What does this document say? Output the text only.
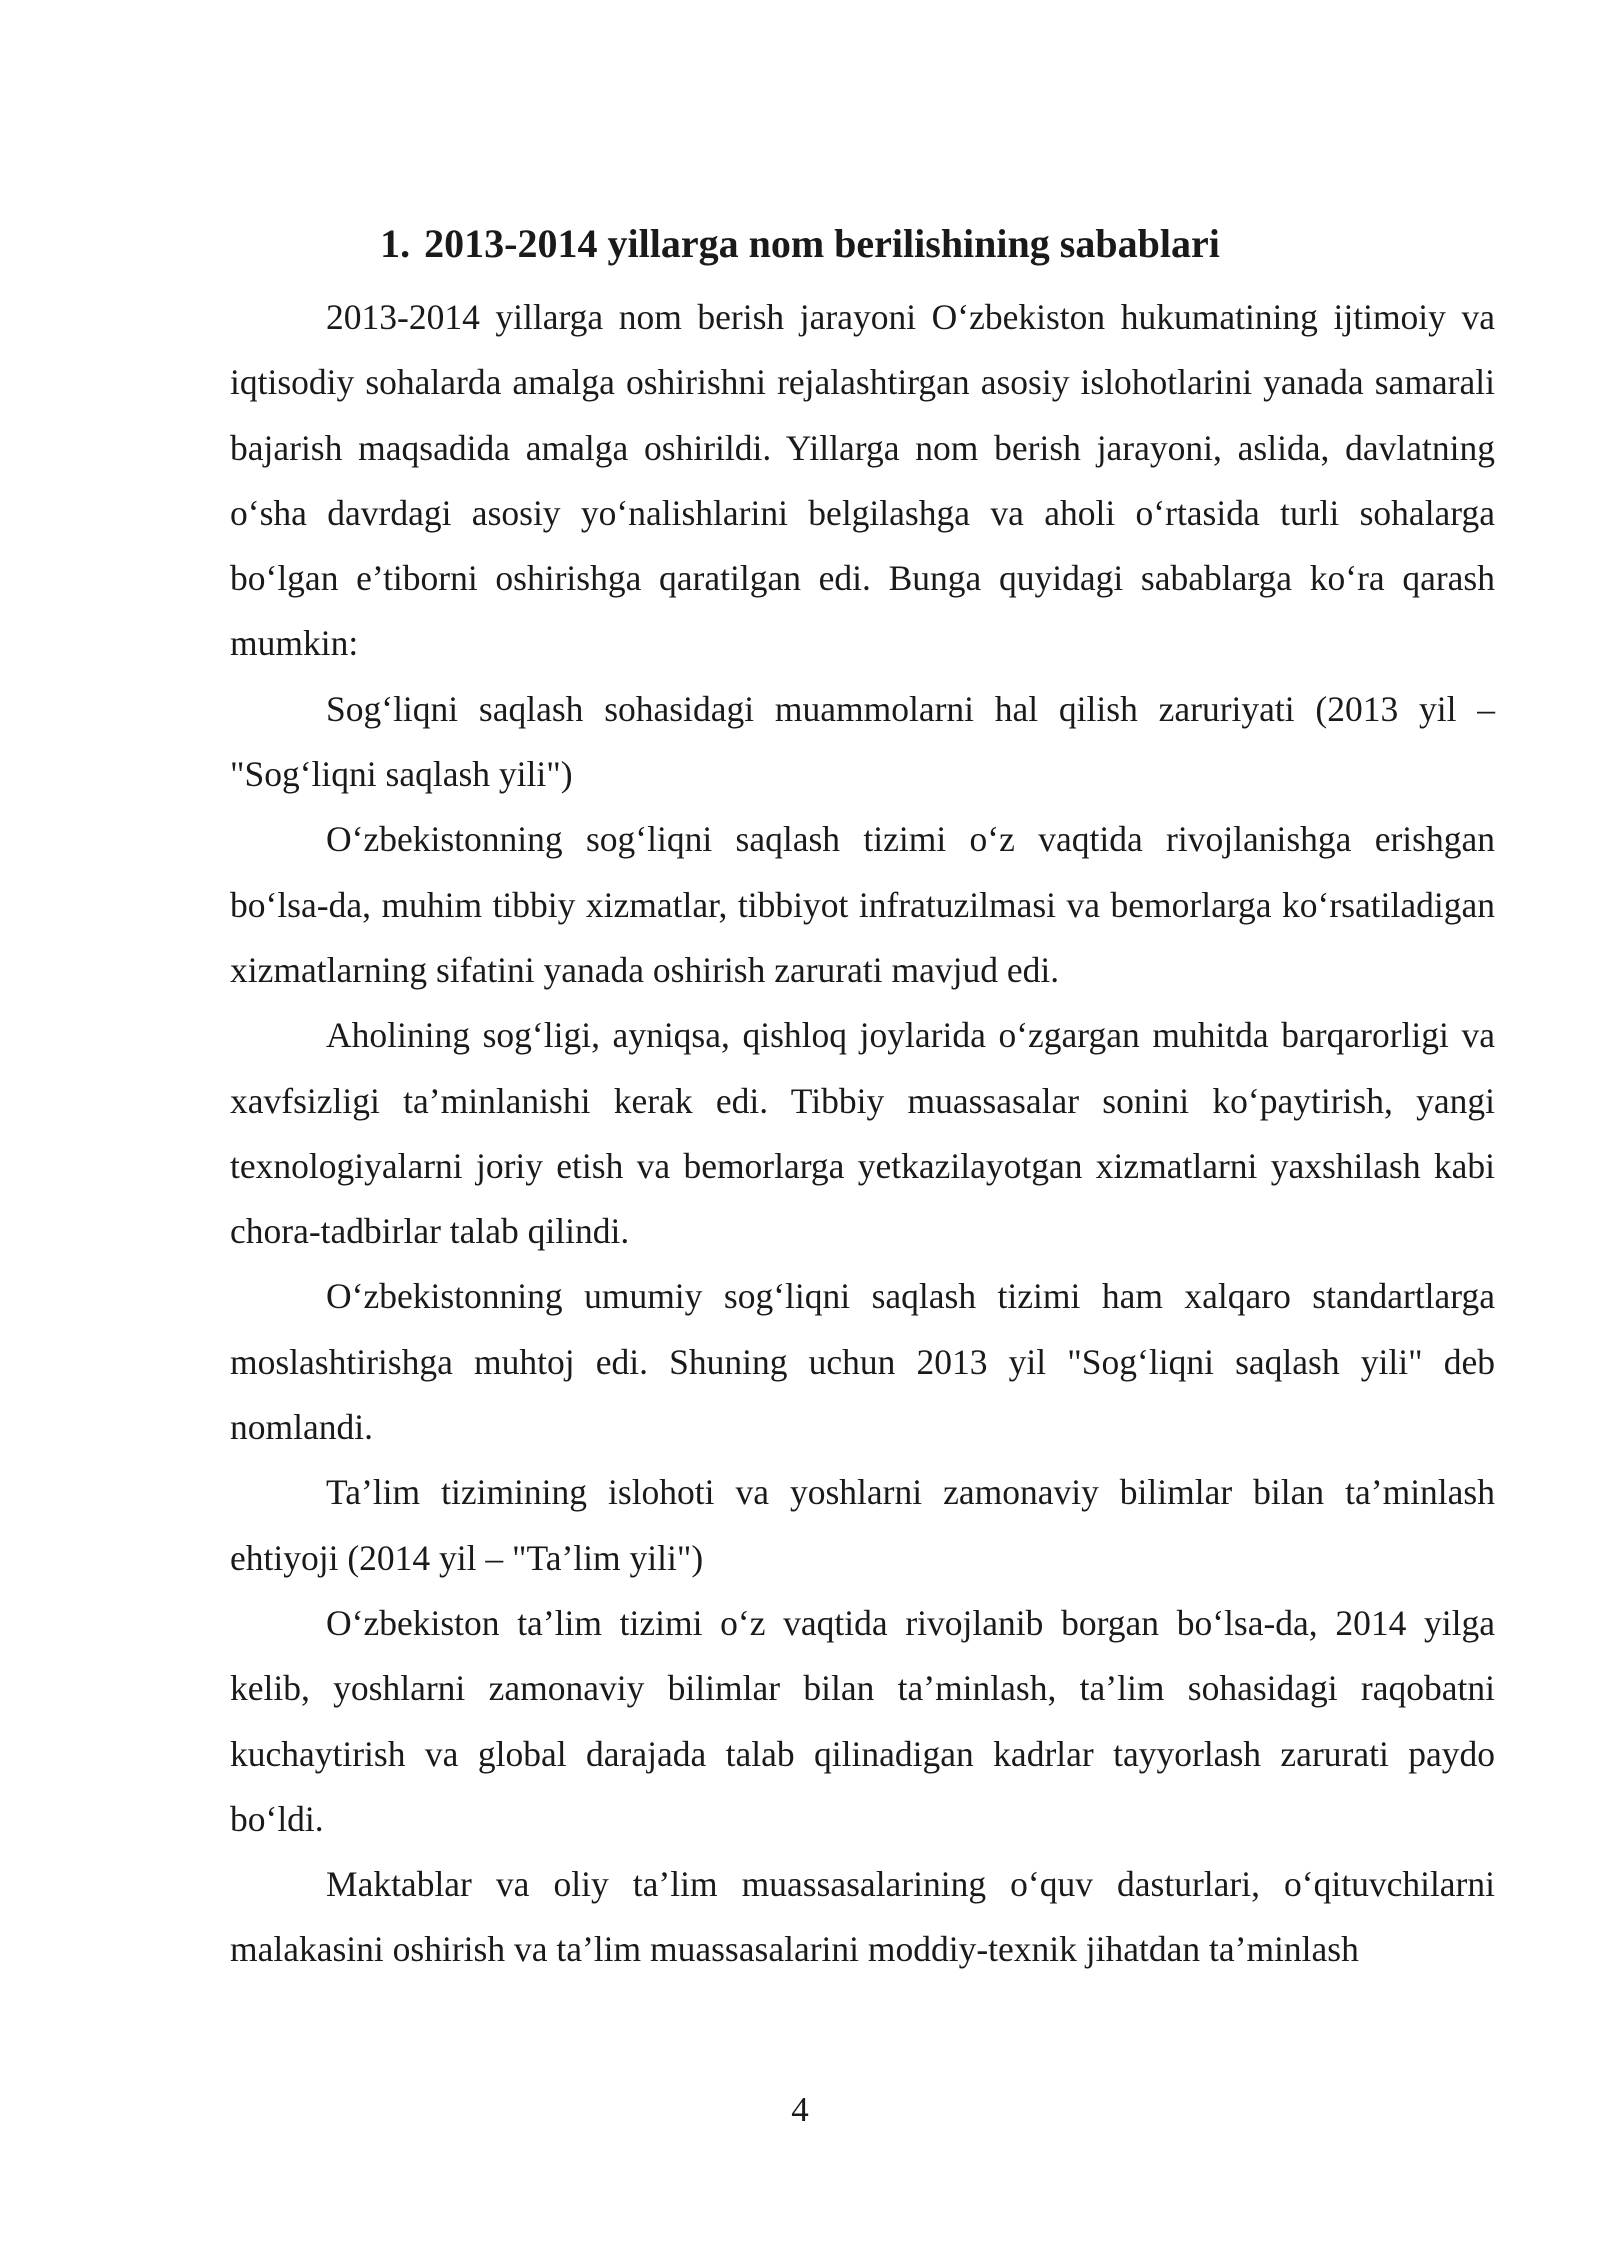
1. 2013-2014 yillarga nom berilishining sabablari

2013-2014 yillarga nom berish jarayoni O‘zbekiston hukumatining ijtimoiy va iqtisodiy sohalarda amalga oshirishni rejalashtirgan asosiy islohotlarini yanada samarali bajarish maqsadida amalga oshirildi. Yillarga nom berish jarayoni, aslida, davlatning o‘sha davrdagi asosiy yo‘nalishlarini belgilashga va aholi o‘rtasida turli sohalarga bo‘lgan e’tiborni oshirishga qaratilgan edi. Bunga quyidagi sabablarga ko‘ra qarash mumkin:

Sog‘liqni saqlash sohasidagi muammolarni hal qilish zaruriyati (2013 yil – "Sog‘liqni saqlash yili")

O‘zbekistonning sog‘liqni saqlash tizimi o‘z vaqtida rivojlanishga erishgan bo‘lsa-da, muhim tibbiy xizmatlar, tibbiyot infratuzilmasi va bemorlarga ko‘rsatiladigan xizmatlarning sifatini yanada oshirish zarurati mavjud edi.

Aholining sog‘ligi, ayniqsa, qishloq joylarida o‘zgargan muhitda barqarorligi va xavfsizligi ta’minlanishi kerak edi. Tibbiy muassasalar sonini ko‘paytirish, yangi texnologiyalarni joriy etish va bemorlarga yetkazilayotgan xizmatlarni yaxshilash kabi chora-tadbirlar talab qilindi.

O‘zbekistonning umumiy sog‘liqni saqlash tizimi ham xalqaro standartlarga moslashtirishga muhtoj edi. Shuning uchun 2013 yil "Sog‘liqni saqlash yili" deb nomlandi.

Ta’lim tizimining islohoti va yoshlarni zamonaviy bilimlar bilan ta’minlash ehtiyoji (2014 yil – "Ta’lim yili")

O‘zbekiston ta’lim tizimi o‘z vaqtida rivojlanib borgan bo‘lsa-da, 2014 yilga kelib, yoshlarni zamonaviy bilimlar bilan ta’minlash, ta’lim sohasidagi raqobatni kuchaytirish va global darajada talab qilinadigan kadrlar tayyorlash zarurati paydo bo‘ldi.

Maktablar va oliy ta’lim muassasalarining o‘quv dasturlari, o‘qituvchilarni malakasini oshirish va ta’lim muassasalarini moddiy-texnik jihatdan ta’minlash

4
